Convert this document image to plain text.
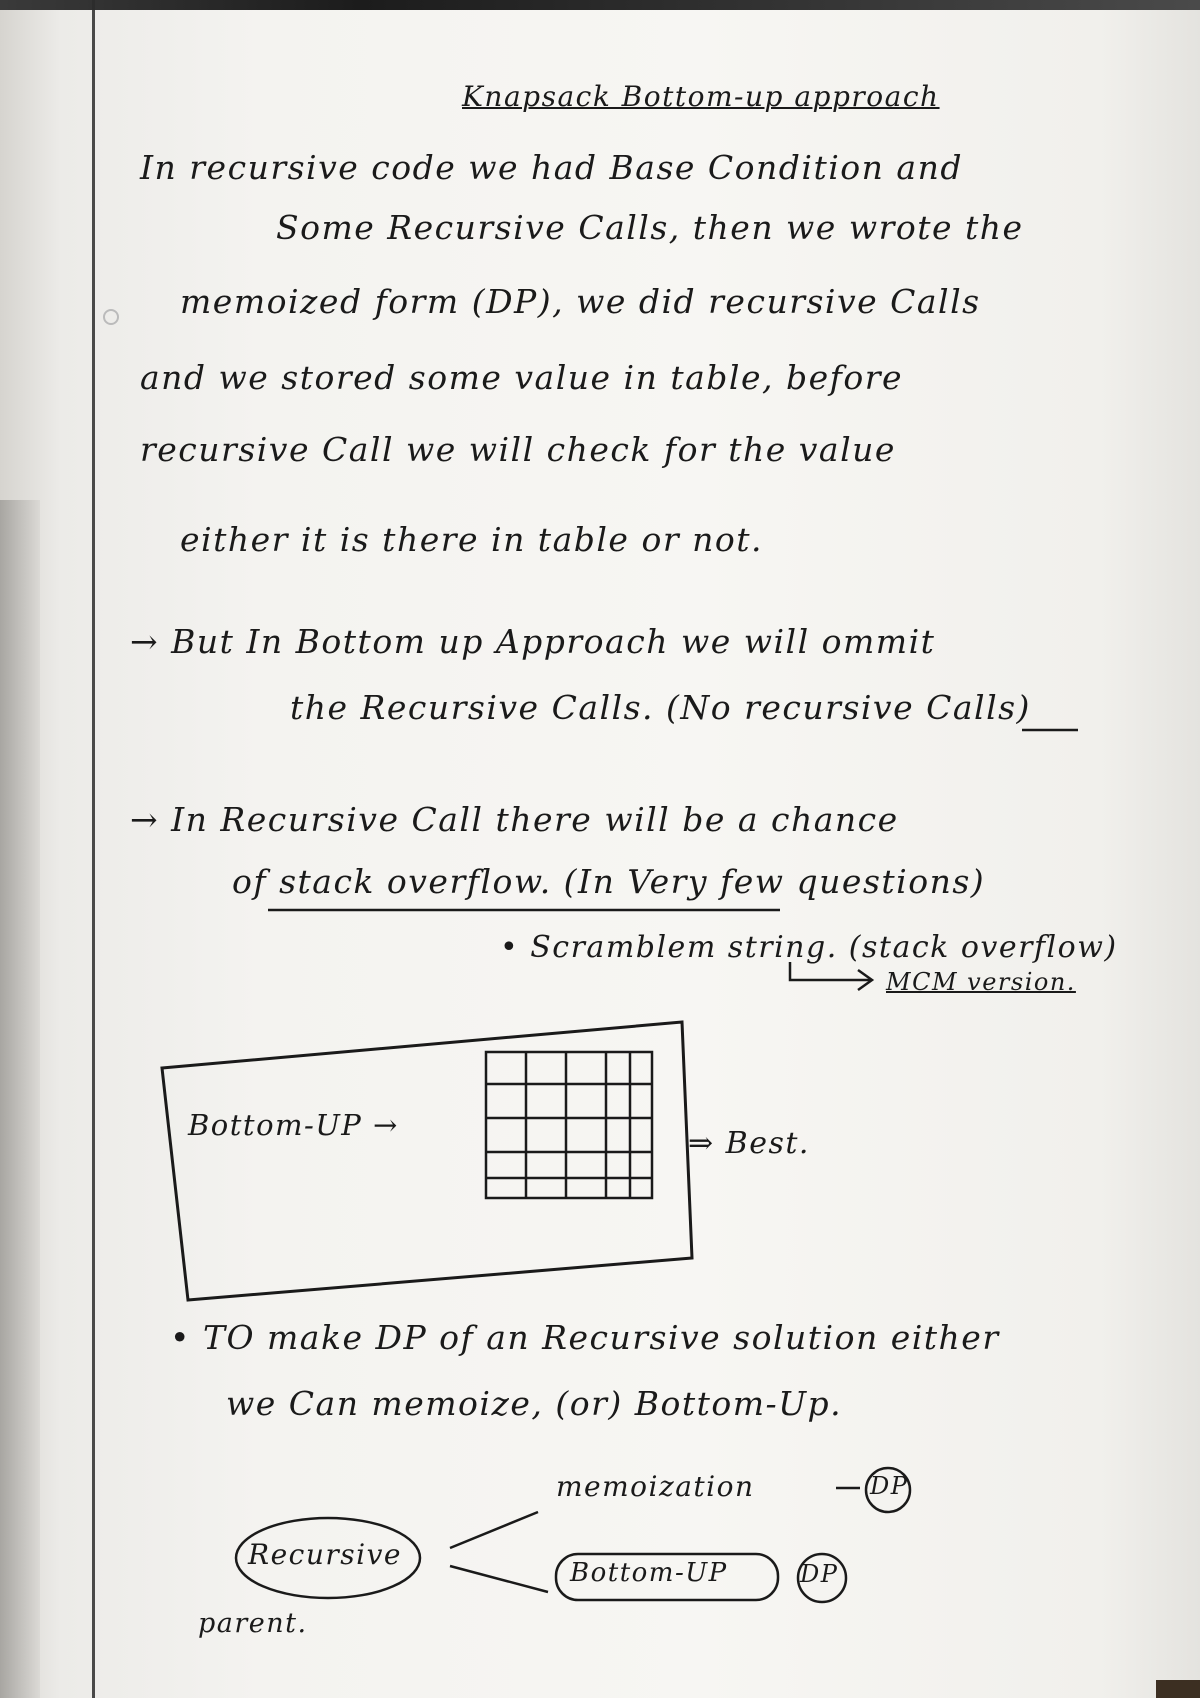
Knapsack Bottom-up approach
In recursive code we had Base Condition and
Some Recursive Calls, then we wrote the
memoized form (DP), we did recursive Calls
and we stored some value in table, before
recursive Call we will check for the value
either it is there in table or not.
→ But In Bottom up Approach we will ommit
the Recursive Calls. (No recursive Calls)
→ In Recursive Call there will be a chance
of stack overflow. (In Very few questions)
• Scramblem string. (stack overflow)
MCM version.
Bottom-UP →
⇒ Best.
• TO make DP of an Recursive solution either
we Can memoize, (or) Bottom-Up.
Recursive
parent.
memoization
Bottom-UP
DP
DP
